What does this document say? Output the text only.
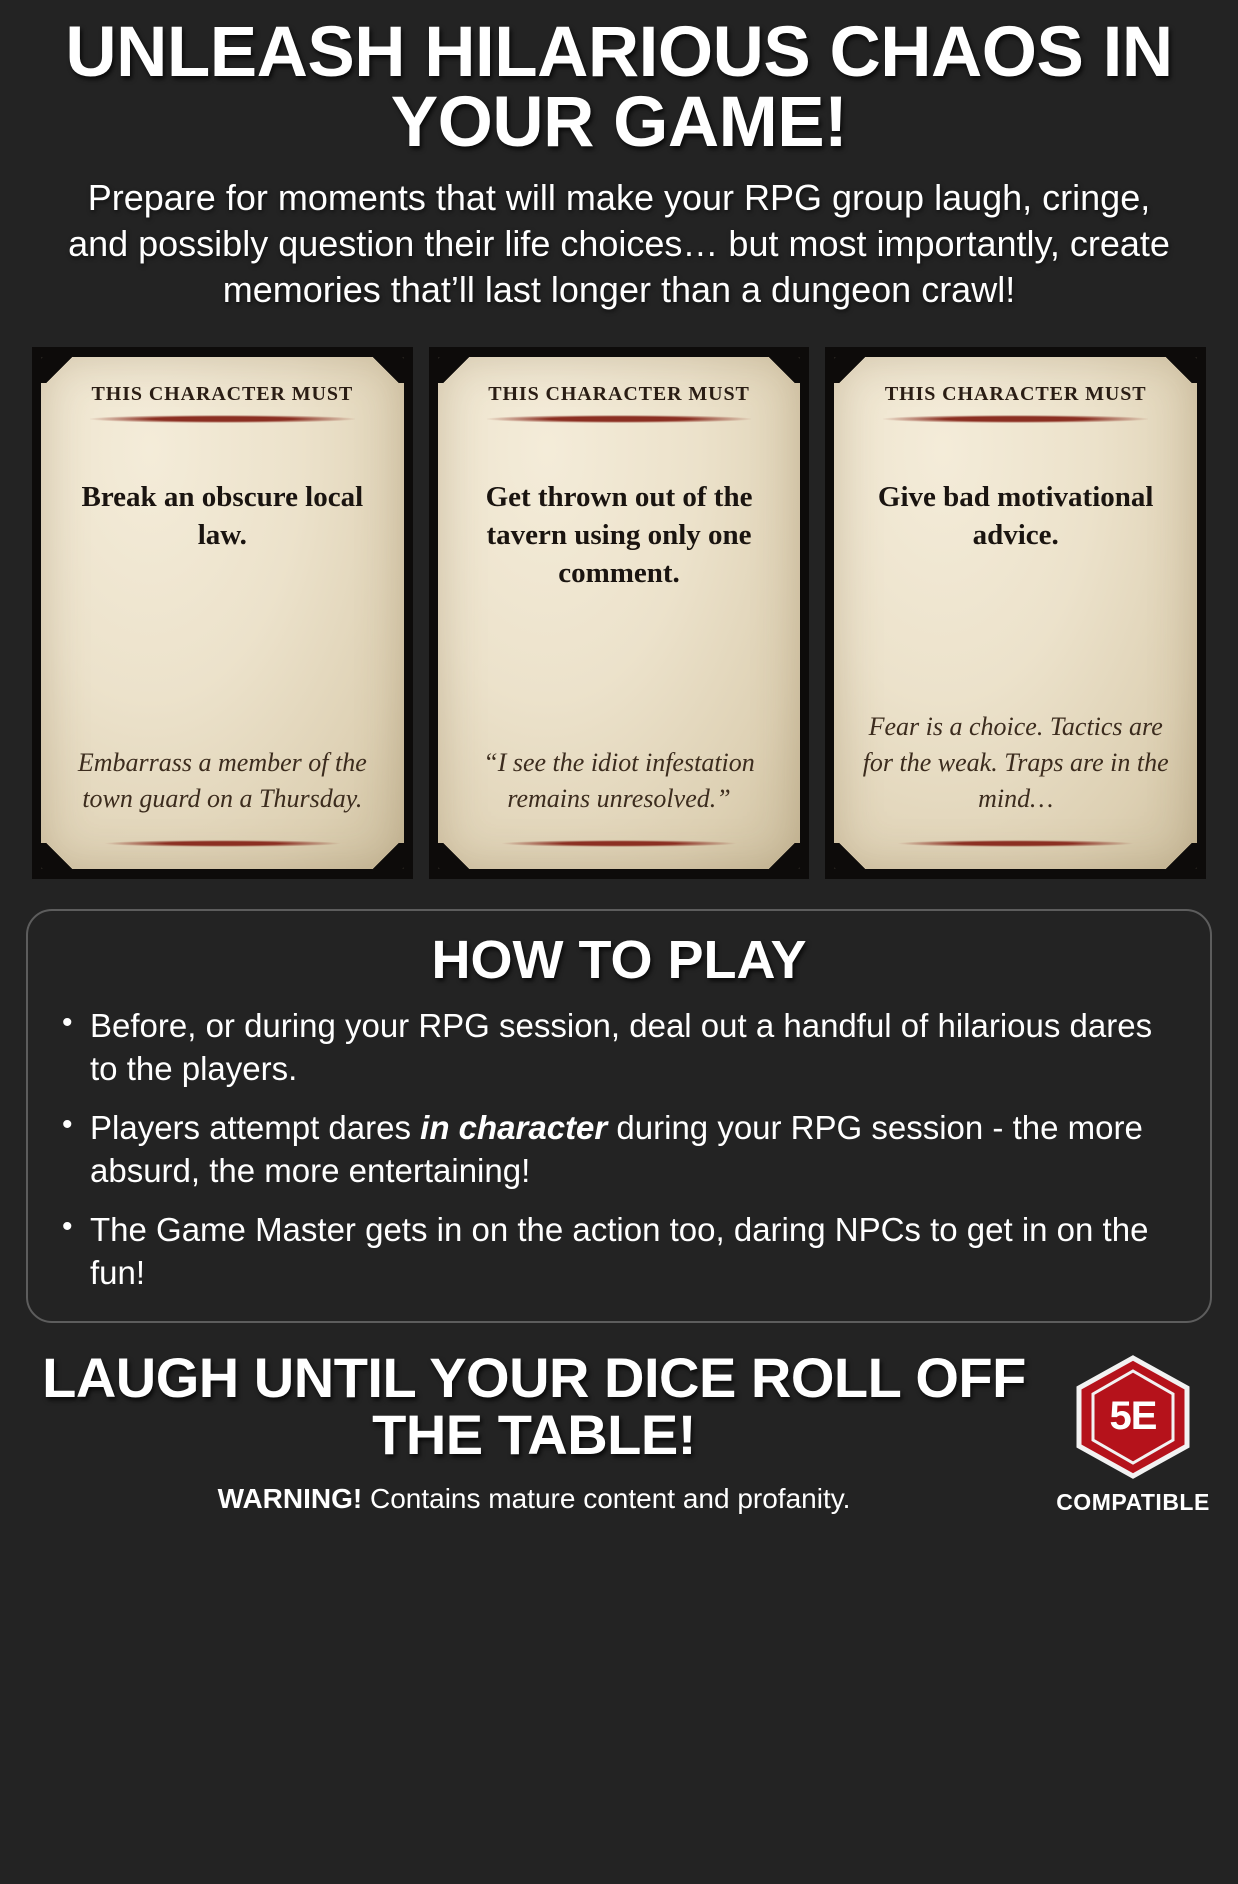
UNLEASH HILARIOUS CHAOS IN YOUR GAME!

Prepare for moments that will make your RPG group laugh, cringe, and possibly question their life choices… but most importantly, create memories that’ll last longer than a dungeon crawl!

THIS CHARACTER MUST
Break an obscure local law.
Embarrass a member of the town guard on a Thursday.
THIS CHARACTER MUST
Get thrown out of the tavern using only one comment.
“I see the idiot infestation remains unresolved.”
THIS CHARACTER MUST
Give bad motivational advice.
Fear is a choice. Tactics are for the weak. Traps are in the mind…
HOW TO PLAY
• Before, or during your RPG session, deal out a handful of hilarious dares to the players.
• Players attempt dares in character during your RPG session - the more absurd, the more entertaining!
• The Game Master gets in on the action too, daring NPCs to get in on the fun!
LAUGH UNTIL YOUR DICE ROLL OFF THE TABLE!
WARNING! Contains mature content and profanity.
5E
COMPATIBLE
